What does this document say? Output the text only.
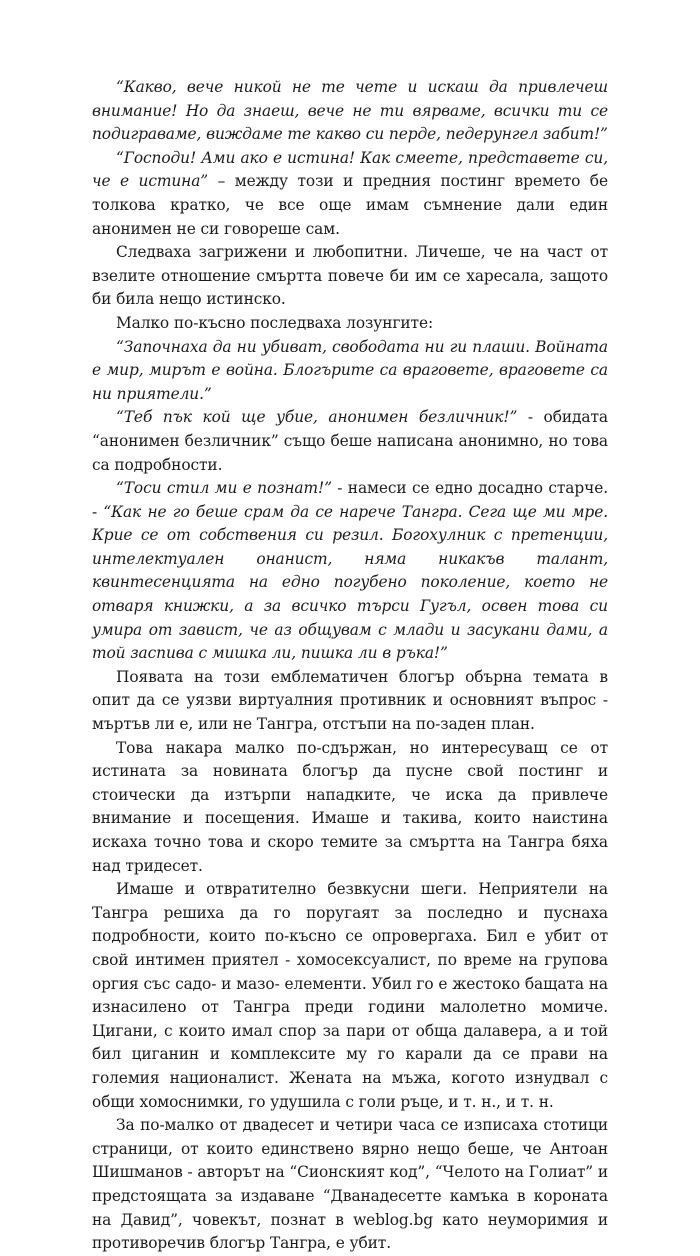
“Какво, вече никой не те чете и искаш да привлечеш внимание! Но да знаеш, вече не ти вярваме, всички ти се подиграваме, виждаме те какво си перде, педерунгел забит!”

“Господи! Ами ако е истина! Как смеете, представете си, че е истина” – между този и предния постинг времето бе толкова кратко, че все още имам съмнение дали един анонимен не си говореше сам.

Следваха загрижени и любопитни. Личеше, че на част от взелите отношение смъртта повече би им се харесала, защото би била нещо истинско.

Малко по-късно последваха лозунгите:

“Започнаха да ни убиват, свободата ни ги плаши. Войната е мир, мирът е война. Блогърите са враговете, враговете са ни приятели.”

“Теб пък кой ще убие, анонимен безличник!” - обидата “анонимен безличник” също беше написана анонимно, но това са подробности.

“Тоси стил ми е познат!” - намеси се едно досадно старче. - “Как не го беше срам да се нарече Тангра. Сега ще ми мре. Крие се от собствения си резил. Богохулник с претенции, интелектуален онанист, няма никакъв талант, квинтесенцията на едно погубено поколение, което не отваря книжки, а за всичко търси Гугъл, освен това си умира от завист, че аз общувам с млади и засукани дами, а той заспива с мишка ли, пишка ли в ръка!”

Появата на този емблематичен блогър обърна темата в опит да се уязви виртуалния противник и основният въпрос - мъртъв ли е, или не Тангра, отстъпи на по-заден план.

Това накара малко по-сдържан, но интересуващ се от истината за новината блогър да пусне свой постинг и стоически да изтърпи нападките, че иска да привлече внимание и посещения. Имаше и такива, които наистина искаха точно това и скоро темите за смъртта на Тангра бяха над тридесет.

Имаше и отвратително безвкусни шеги. Неприятели на Тангра решиха да го поругаят за последно и пуснаха подробности, които по-късно се опровергаха. Бил е убит от свой интимен приятел - хомосексуалист, по време на групова оргия със садо- и мазо- елементи. Убил го е жестоко бащата на изнасилено от Тангра преди години малолетно момиче. Цигани, с които имал спор за пари от обща далавера, а и той бил циганин и комплексите му го карали да се прави на големия националист. Жената на мъжа, когото изнудвал с общи хомоснимки, го удушила с голи ръце, и т. н., и т. н.

За по-малко от двадесет и четири часа се изписаха стотици страници, от които единствено вярно нещо беше, че Антоан Шишманов - авторът на “Сионският код”, “Челото на Голиат” и предстоящата за издаване “Дванадесетте камъка в короната на Давид”, човекът, познат в weblog.bg като неуморимия и противоречив блогър Тангра, е убит.
